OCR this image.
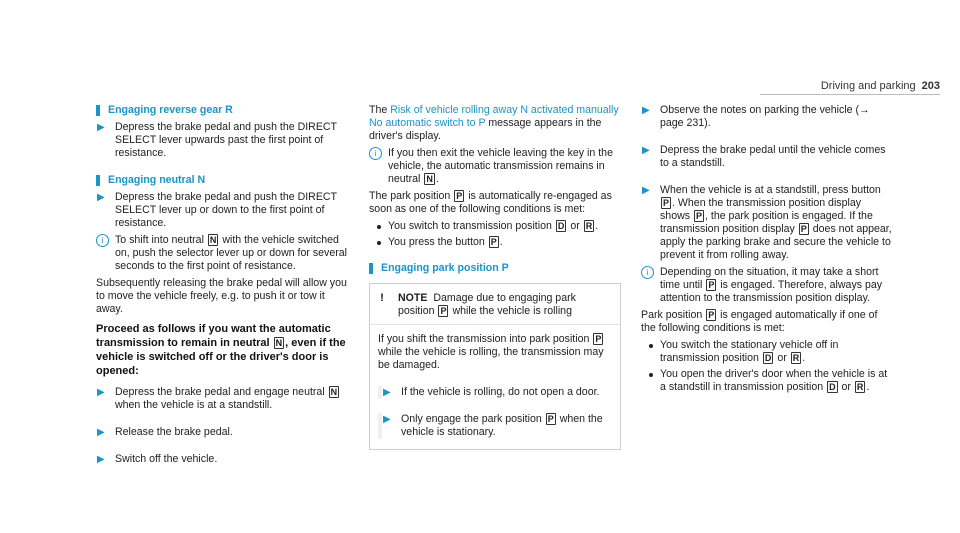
Driving and parking 203
Engaging reverse gear R
▶ Depress the brake pedal and push the DIRECT SELECT lever upwards past the first point of resistance.
Engaging neutral N
▶ Depress the brake pedal and push the DIRECT SELECT lever up or down to the first point of resistance.
i	To shift into neutral N with the vehicle switched on, push the selector lever up or down for several seconds to the first point of resistance.
Subsequently releasing the brake pedal will allow you to move the vehicle freely, e.g. to push it or tow it away.
Proceed as follows if you want the automatic transmission to remain in neutral N , even if the vehicle is switched off or the driver's door is opened:
▶ Depress the brake pedal and engage neutral N when the vehicle is at a standstill.
▶ Release the brake pedal.
▶ Switch off the vehicle.
The Risk of vehicle rolling away N activated manually No automatic switch to P message appears in the driver's display.
i	If you then exit the vehicle leaving the key in the vehicle, the automatic transmission remains in neutral N .
The park position P is automatically re-engaged as soon as one of the following conditions is met:
You switch to transmission position D or R .
You press the button P .
Engaging park position P
!	NOTE Damage due to engaging park position P while the vehicle is rolling
If you shift the transmission into park position P while the vehicle is rolling, the transmission may be damaged.
▶ If the vehicle is rolling, do not open a door.
▶ Only engage the park position P when the vehicle is stationary.
▶ Observe the notes on parking the vehicle (→ page 231).
▶ Depress the brake pedal until the vehicle comes to a standstill.
▶ When the vehicle is at a standstill, press button P . When the transmission position display shows P , the park position is engaged. If the transmission position display P does not appear, apply the parking brake and secure the vehicle to prevent it from rolling away.
i	Depending on the situation, it may take a short time until P is engaged. Therefore, always pay attention to the transmission position display.
Park position P is engaged automatically if one of the following conditions is met:
You switch the stationary vehicle off in transmission position D or R .
You open the driver's door when the vehicle is at a standstill in transmission position D or R .
